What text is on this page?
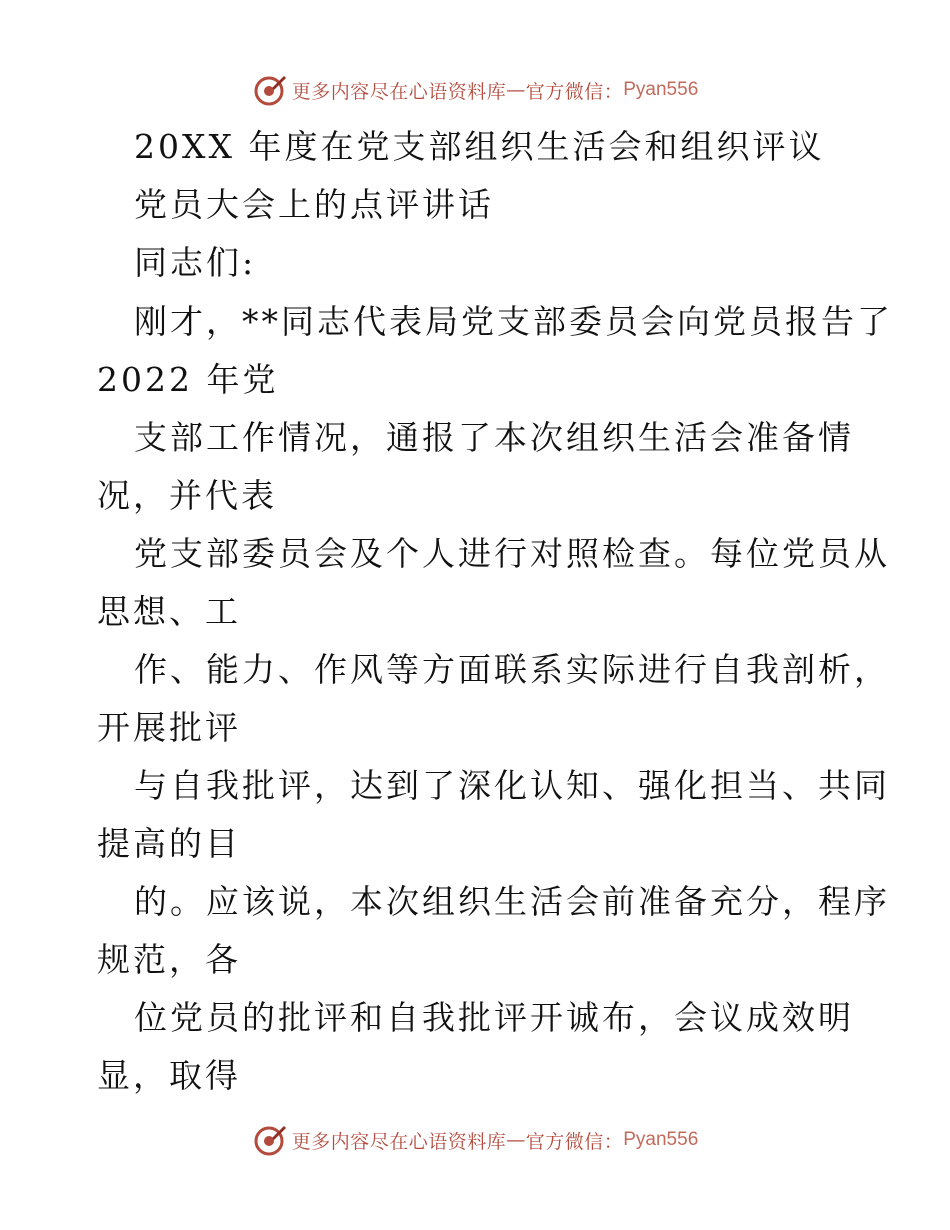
更多内容尽在心语资料库 — 官方微信： Pyan556
20XX 年度在党支部组织生活会和组织评议
党员大会上的点评讲话
同志们:
刚才，**同志代表局党支部委员会向党员报告了
2022 年党
支部工作情况，通报了本次组织生活会准备情
况，并代表
党支部委员会及个人进行对照检查。每位党员从
思想、工
作、能力、作风等方面联系实际进行自我剖析，
开展批评
与自我批评，达到了深化认知、强化担当、共同
提高的目
的。应该说，本次组织生活会前准备充分，程序
规范，各
位党员的批评和自我批评开诚布，会议成效明
显，取得
更多内容尽在心语资料库 — 官方微信： Pyan556
